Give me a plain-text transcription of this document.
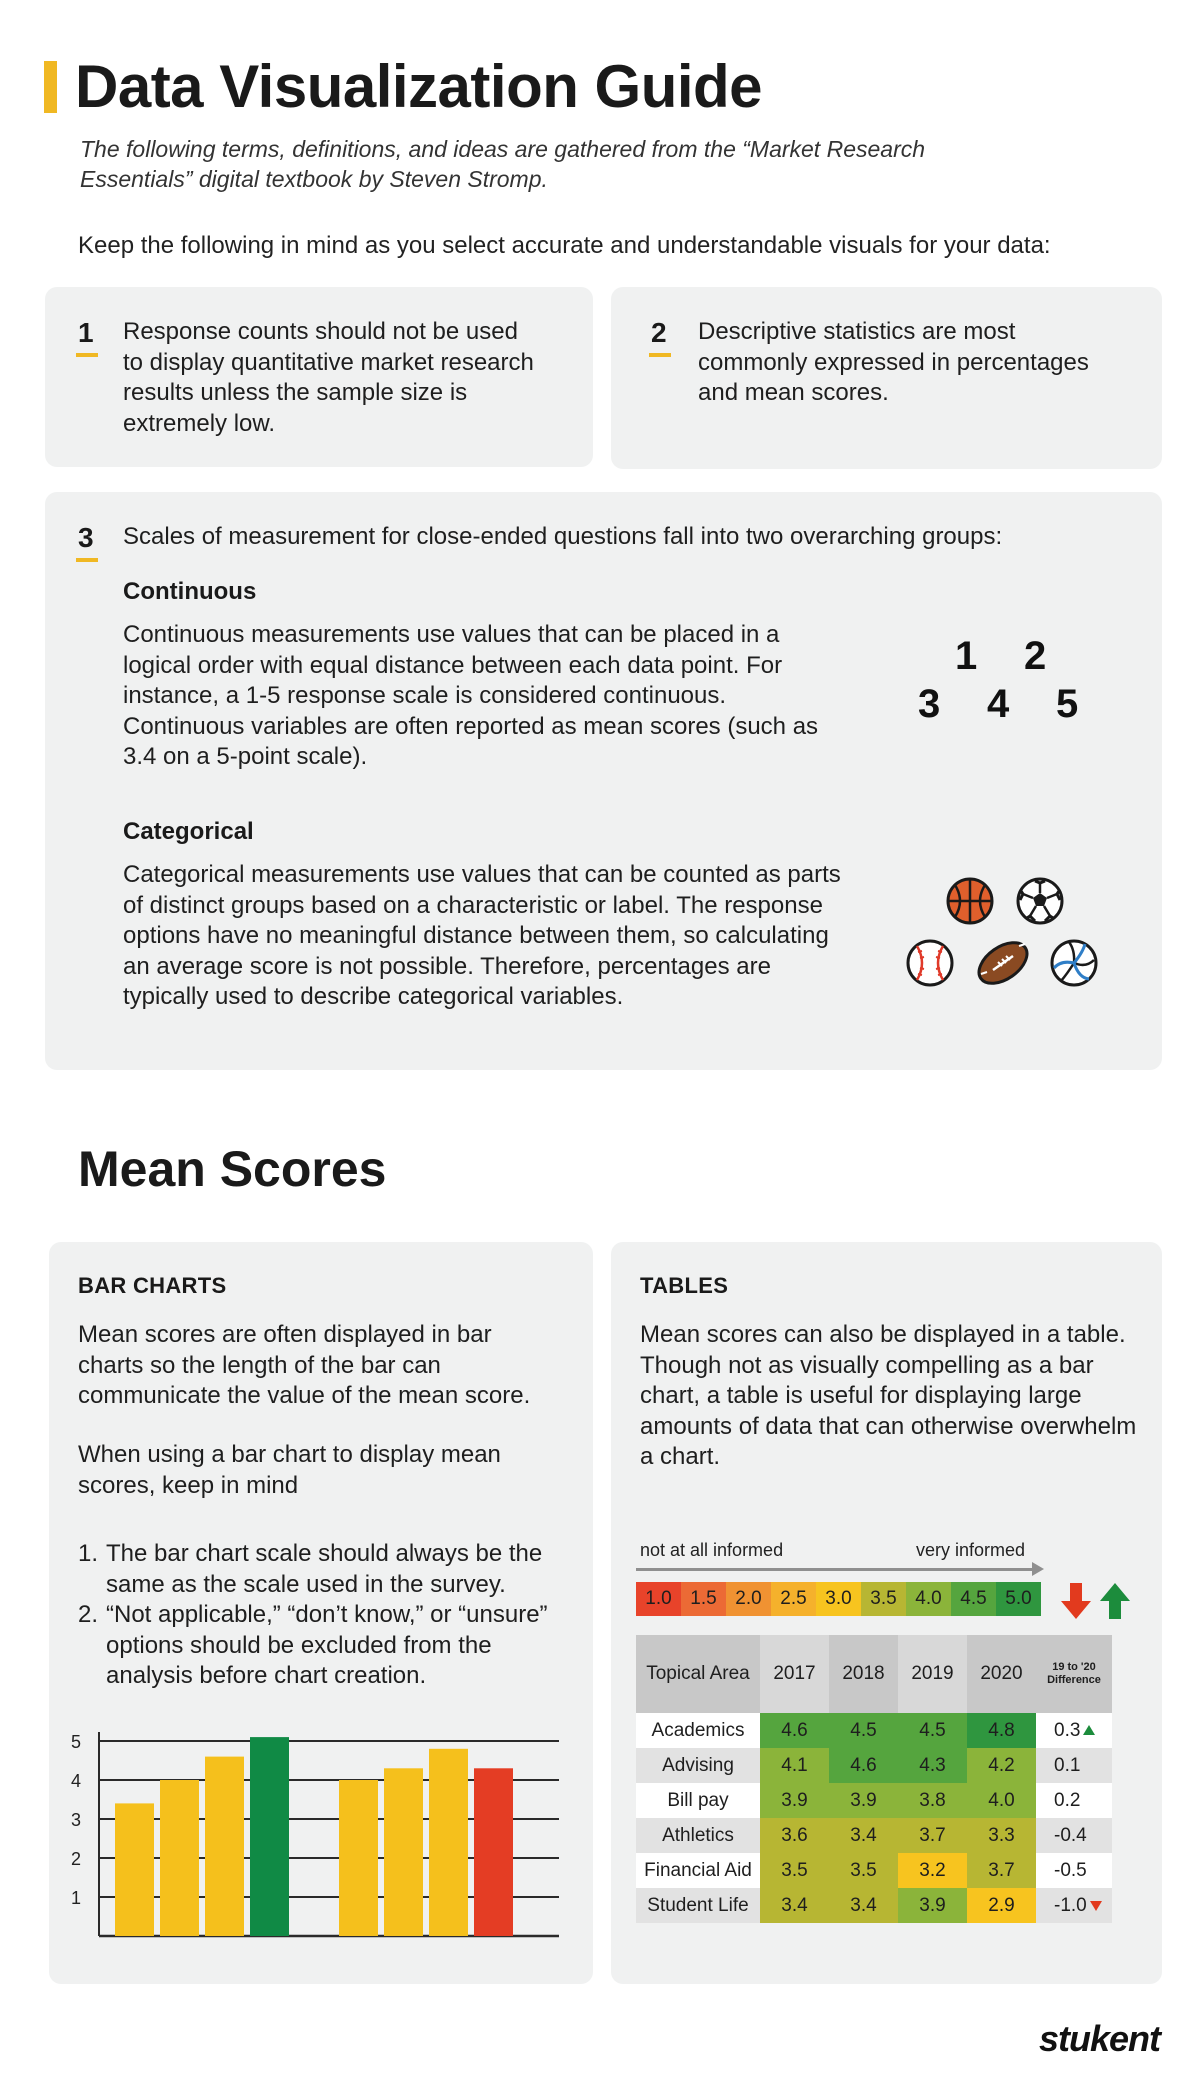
Data Visualization Guide
The following terms, definitions, and ideas are gathered from the “Market Research Essentials” digital textbook by Steven Stromp.
Keep the following in mind as you select accurate and understandable visuals for your data:
1 Response counts should not be used to display quantitative market research results unless the sample size is extremely low.
2 Descriptive statistics are most commonly expressed in percentages and mean scores.
3 Scales of measurement for close-ended questions fall into two overarching groups:
Continuous
Continuous measurements use values that can be placed in a logical order with equal distance between each data point. For instance, a 1-5 response scale is considered continuous. Continuous variables are often reported as mean scores (such as 3.4 on a 5-point scale).
1 2
3 4 5
Categorical
Categorical measurements use values that can be counted as parts of distinct groups based on a characteristic or label. The response options have no meaningful distance between them, so calculating an average score is not possible. Therefore, percentages are typically used to describe categorical variables.
Mean Scores
BAR CHARTS
Mean scores are often displayed in bar charts so the length of the bar can communicate the value of the mean score.
When using a bar chart to display mean scores, keep in mind
1. The bar chart scale should always be the same as the scale used in the survey.
2. “Not applicable,” “don’t know,” or “unsure” options should be excluded from the analysis before chart creation.
1
2
3
4
5
TABLES
Mean scores can also be displayed in a table. Though not as visually compelling as a bar chart, a table is useful for displaying large amounts of data that can otherwise overwhelm a chart.
not at all informed	very informed
1.0 1.5 2.0 2.5 3.0 3.5 4.0 4.5 5.0
Topical Area	2017	2018	2019	2020	19 to '20 Difference
Academics	4.6	4.5	4.5	4.8	0.3
Advising	4.1	4.6	4.3	4.2	0.1
Bill pay	3.9	3.9	3.8	4.0	0.2
Athletics	3.6	3.4	3.7	3.3	-0.4
Financial Aid	3.5	3.5	3.2	3.7	-0.5
Student Life	3.4	3.4	3.9	2.9	-1.0
stukent
